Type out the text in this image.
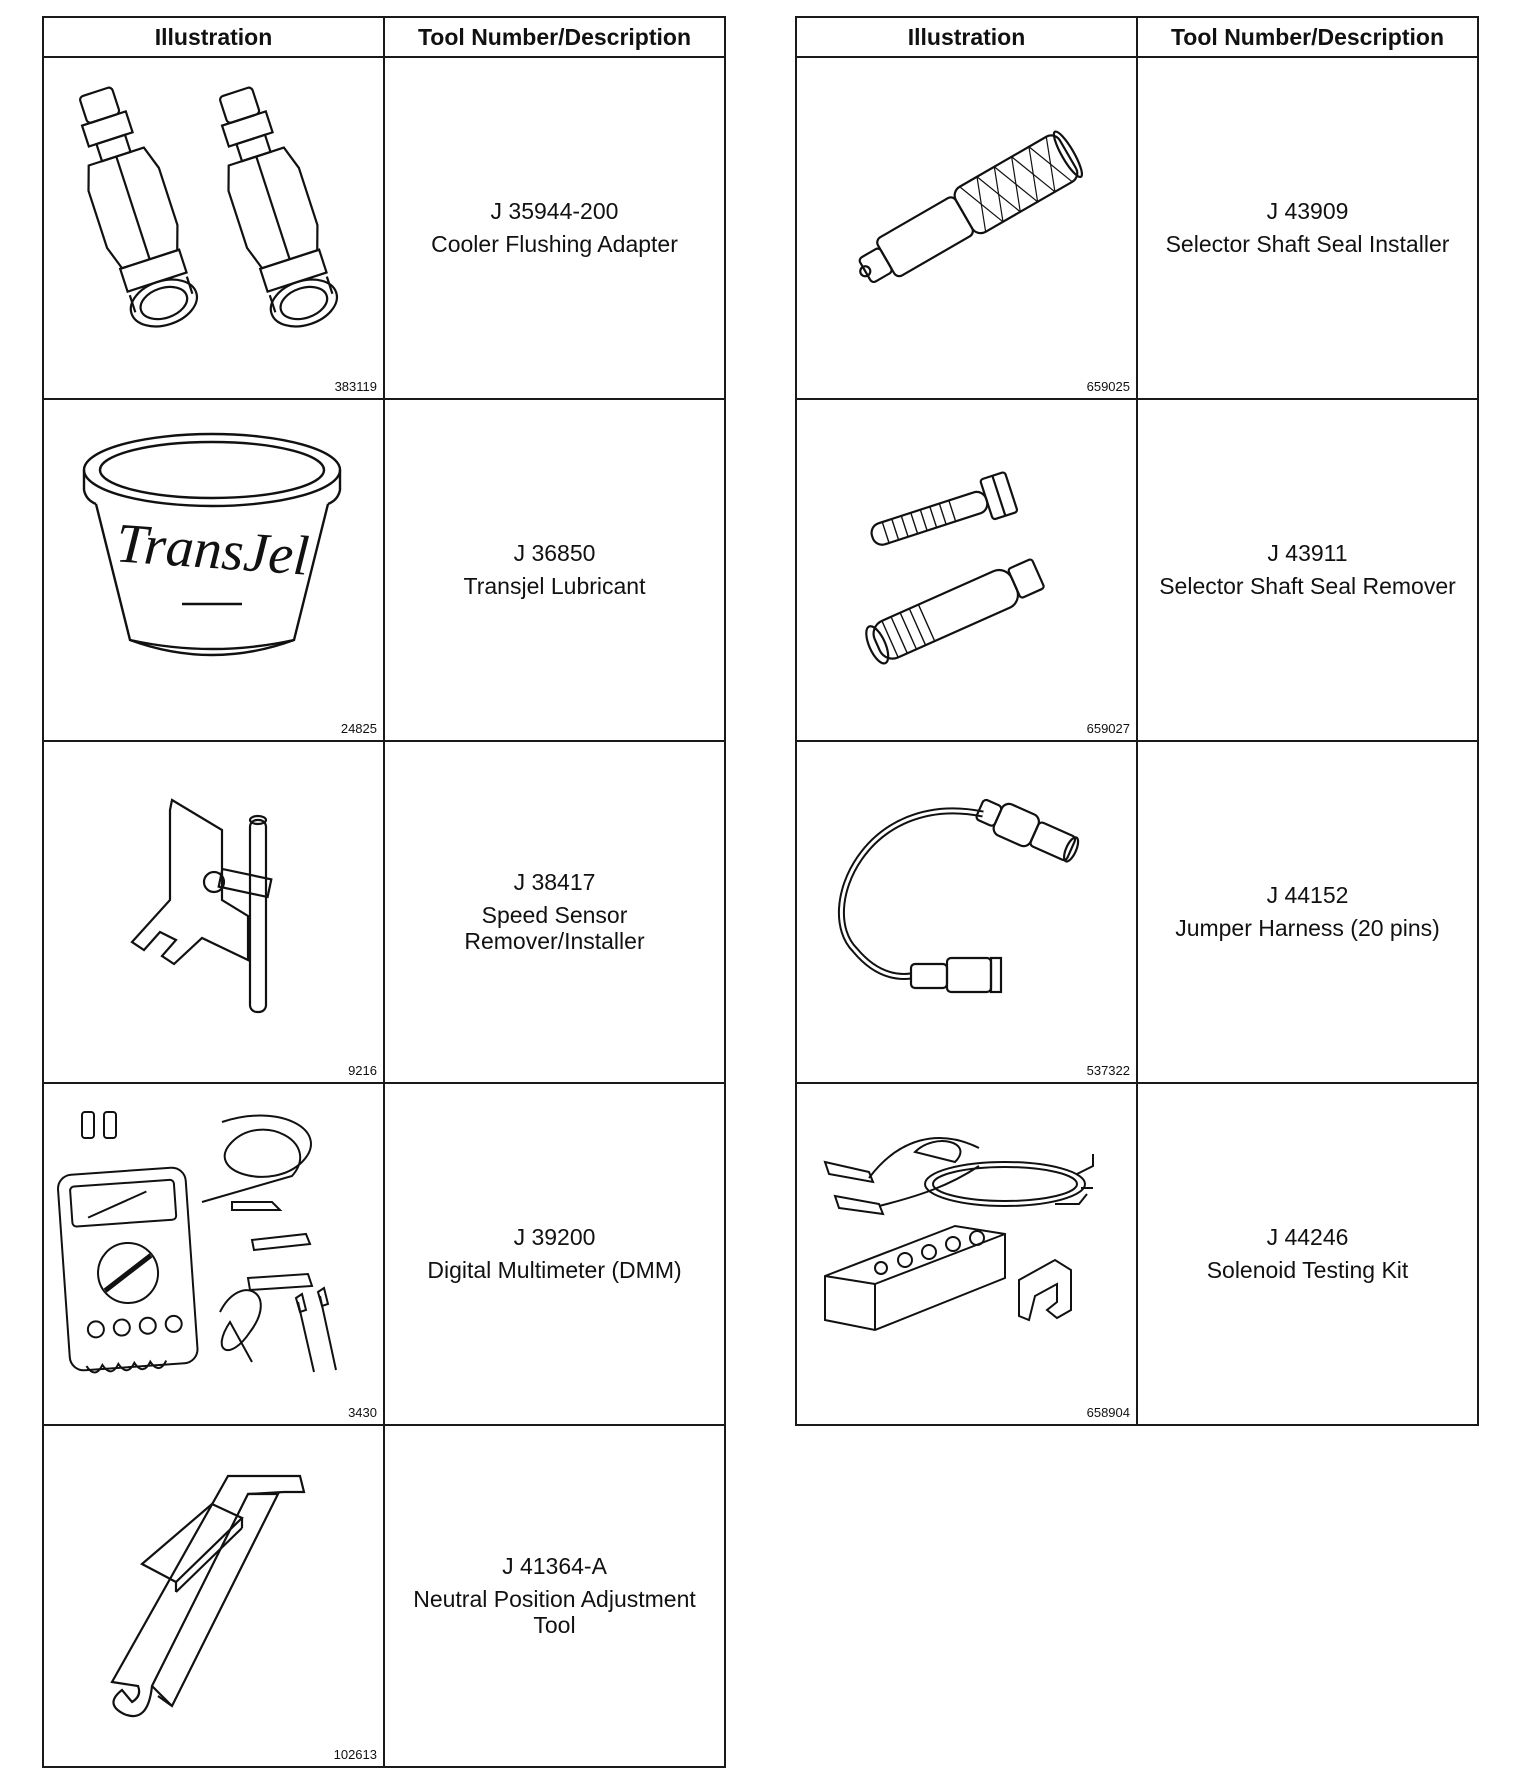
Illustration	Tool Number/Description

383119	J 35944-200
Cooler Flushing Adapter

TransJel
24825	J 36850
Transjel Lubricant

9216	J 38417
Speed Sensor Remover/Installer

3430	J 39200
Digital Multimeter (DMM)

102613	J 41364-A
Neutral Position Adjustment Tool
Illustration	Tool Number/Description

659025	J 43909
Selector Shaft Seal Installer

659027	J 43911
Selector Shaft Seal Remover

537322	J 44152
Jumper Harness (20 pins)

658904	J 44246
Solenoid Testing Kit
